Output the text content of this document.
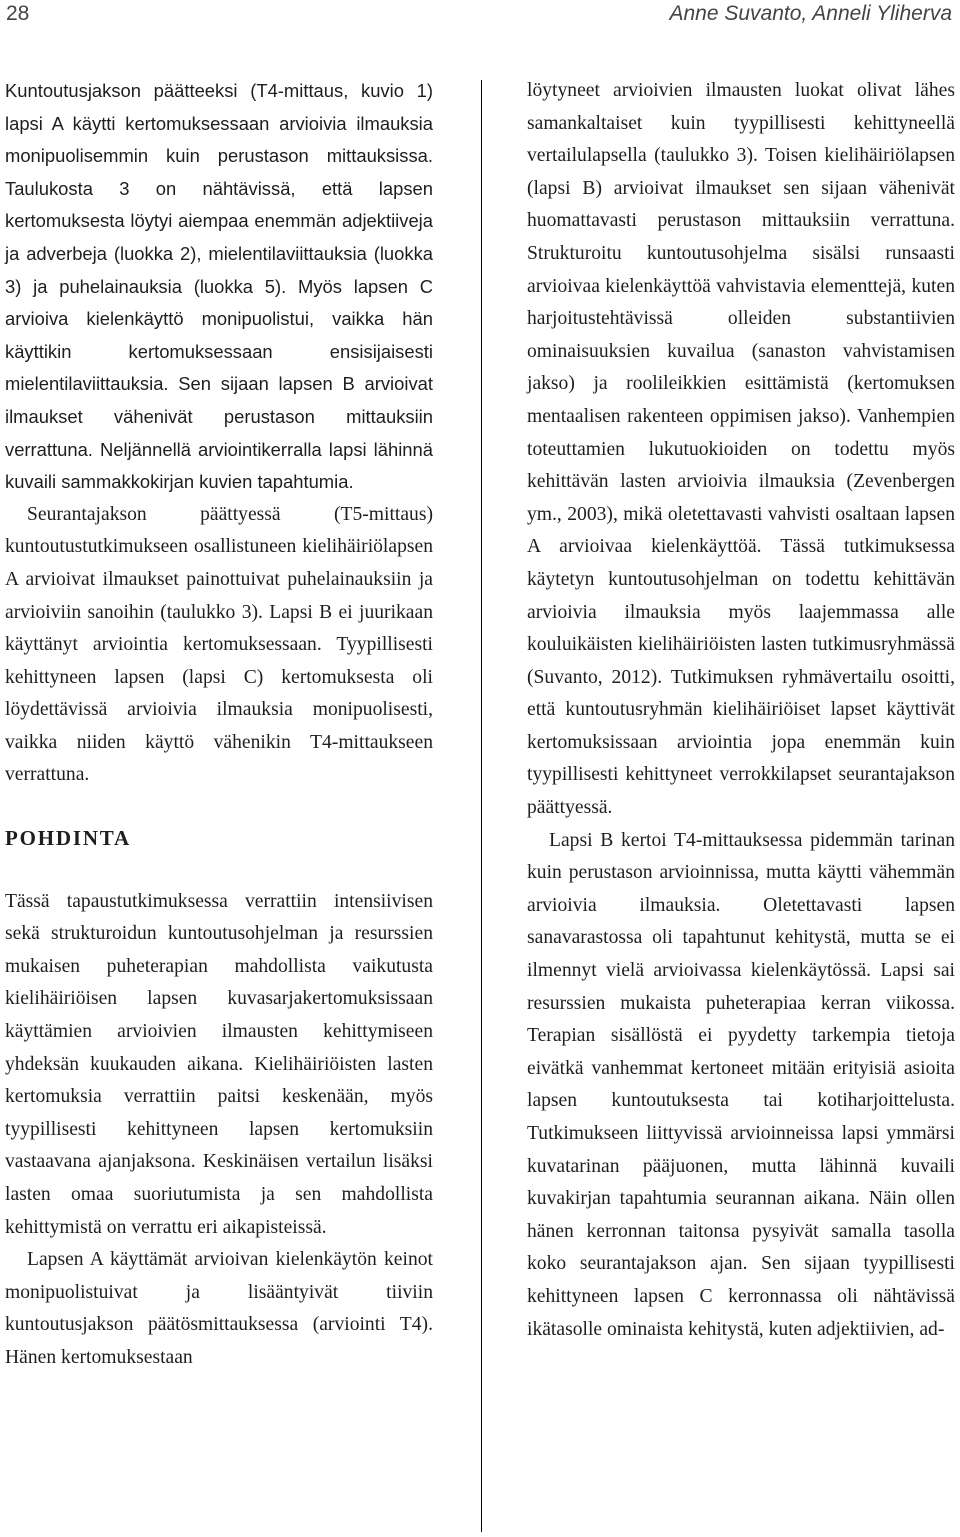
28	Anne Suvanto, Anneli Yliherva

Kuntoutusjakson päätteeksi (T4-mittaus, kuvio 1) lapsi A käytti kertomuksessaan arvioivia ilmauksia monipuolisemmin kuin perustason mittauksissa. Taulukosta 3 on nähtävissä, että lapsen kertomuksesta löytyi aiempaa enemmän adjektiiveja ja adverbeja (luokka 2), mielentilaviittauksia (luokka 3) ja puhelainauksia (luokka 5). Myös lapsen C arvioiva kielenkäyttö monipuolistui, vaikka hän käyttikin kertomuksessaan ensisijaisesti mielentilaviittauksia. Sen sijaan lapsen B arvioivat ilmaukset vähenivät perustason mittauksiin verrattuna. Neljännellä arviointikerralla lapsi lähinnä kuvaili sammakkokirjan kuvien tapahtumia.

Seurantajakson päättyessä (T5-mittaus) kuntoutustutkimukseen osallistuneen kielihäiriölapsen A arvioivat ilmaukset painottuivat puhelainauksiin ja arvioiviin sanoihin (taulukko 3). Lapsi B ei juurikaan käyttänyt arviointia kertomuksessaan. Tyypillisesti kehittyneen lapsen (lapsi C) kertomuksesta oli löydettävissä arvioivia ilmauksia monipuolisesti, vaikka niiden käyttö vähenikin T4-mittaukseen verrattuna.

POHDINTA

Tässä tapaustutkimuksessa verrattiin intensiivisen sekä strukturoidun kuntoutusohjelman ja resurssien mukaisen puheterapian mahdollista vaikutusta kielihäiriöisen lapsen kuvasarjakertomuksissaan käyttämien arvioivien ilmausten kehittymiseen yhdeksän kuukauden aikana. Kielihäiriöisten lasten kertomuksia verrattiin paitsi keskenään, myös tyypillisesti kehittyneen lapsen kertomuksiin vastaavana ajanjaksona. Keskinäisen vertailun lisäksi lasten omaa suoriutumista ja sen mahdollista kehittymistä on verrattu eri aikapisteissä.

Lapsen A käyttämät arvioivan kielenkäytön keinot monipuolistuivat ja lisääntyivät tiiviin kuntoutusjakson päätösmittauksessa (arviointi T4). Hänen kertomuksestaan

löytyneet arvioivien ilmausten luokat olivat lähes samankaltaiset kuin tyypillisesti kehittyneellä vertailulapsella (taulukko 3). Toisen kielihäiriölapsen (lapsi B) arvioivat ilmaukset sen sijaan vähenivät huomattavasti perustason mittauksiin verrattuna. Strukturoitu kuntoutusohjelma sisälsi runsaasti arvioivaa kielenkäyttöä vahvistavia elementtejä, kuten harjoitustehtävissä olleiden substantiivien ominaisuuksien kuvailua (sanaston vahvistamisen jakso) ja roolileikkien esittämistä (kertomuksen mentaalisen rakenteen oppimisen jakso). Vanhempien toteuttamien lukutuokioiden on todettu myös kehittävän lasten arvioivia ilmauksia (Zevenbergen ym., 2003), mikä oletettavasti vahvisti osaltaan lapsen A arvioivaa kielenkäyttöä. Tässä tutkimuksessa käytetyn kuntoutusohjelman on todettu kehittävän arvioivia ilmauksia myös laajemmassa alle kouluikäisten kielihäiriöisten lasten tutkimusryhmässä (Suvanto, 2012). Tutkimuksen ryhmävertailu osoitti, että kuntoutusryhmän kielihäiriöiset lapset käyttivät kertomuksissaan arviointia jopa enemmän kuin tyypillisesti kehittyneet verrokkilapset seurantajakson päättyessä.

Lapsi B kertoi T4-mittauksessa pidemmän tarinan kuin perustason arvioinnissa, mutta käytti vähemmän arvioivia ilmauksia. Oletettavasti lapsen sanavarastossa oli tapahtunut kehitystä, mutta se ei ilmennyt vielä arvioivassa kielenkäytössä. Lapsi sai resurssien mukaista puheterapiaa kerran viikossa. Terapian sisällöstä ei pyydetty tarkempia tietoja eivätkä vanhemmat kertoneet mitään erityisiä asioita lapsen kuntoutuksesta tai kotiharjoittelusta. Tutkimukseen liittyvissä arvioinneissa lapsi ymmärsi kuvatarinan pääjuonen, mutta lähinnä kuvaili kuvakirjan tapahtumia seurannan aikana. Näin ollen hänen kerronnan taitonsa pysyivät samalla tasolla koko seurantajakson ajan. Sen sijaan tyypillisesti kehittyneen lapsen C kerronnassa oli nähtävissä ikätasolle ominaista kehitystä, kuten adjektiivien, ad-
